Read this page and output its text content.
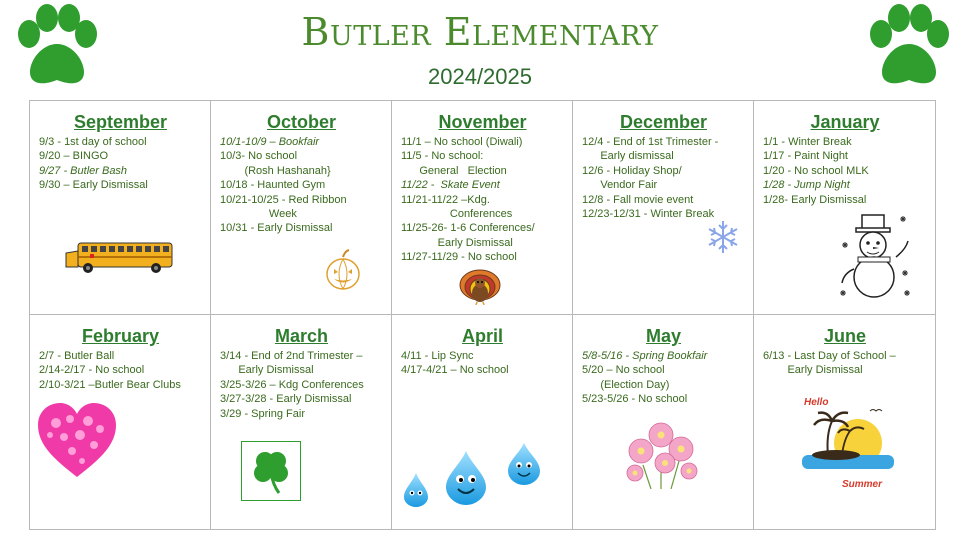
Butler Elementary
2024/2025
September
9/3 - 1st day of school
9/20 – BINGO
9/27 - Butler Bash
9/30 – Early Dismissal
October
10/1-10/9 – Bookfair
10/3- No school
(Rosh Hashanah}
10/18 - Haunted Gym
10/21-10/25 - Red Ribbon
Week
10/31 - Early Dismissal
November
11/1 – No school (Diwali)
11/5 - No school:
General   Election
11/22 -  Skate Event
11/21-11/22 –Kdg.
Conferences
11/25-26- 1-6 Conferences/
Early Dismissal
11/27-11/29 - No school
December
12/4 - End of 1st Trimester -
Early dismissal
12/6 - Holiday Shop/
Vendor Fair
12/8 - Fall movie event
12/23-12/31 - Winter Break
January
1/1 - Winter Break
1/17 - Paint Night
1/20 - No school MLK
1/28 - Jump Night
1/28- Early Dismissal
February
2/7 - Butler Ball
2/14-2/17 - No school
2/10-3/21 –Butler Bear Clubs
March
3/14 - End of 2nd Trimester –
Early Dismissal
3/25-3/26 – Kdg Conferences
3/27-3/28 - Early Dismissal
3/29 - Spring Fair
April
4/11 - Lip Sync
4/17-4/21 – No school
May
5/8-5/16 - Spring Bookfair
5/20 – No school
(Election Day)
5/23-5/26 - No school
June
6/13 - Last Day of School –
Early Dismissal
Hello
Summer
